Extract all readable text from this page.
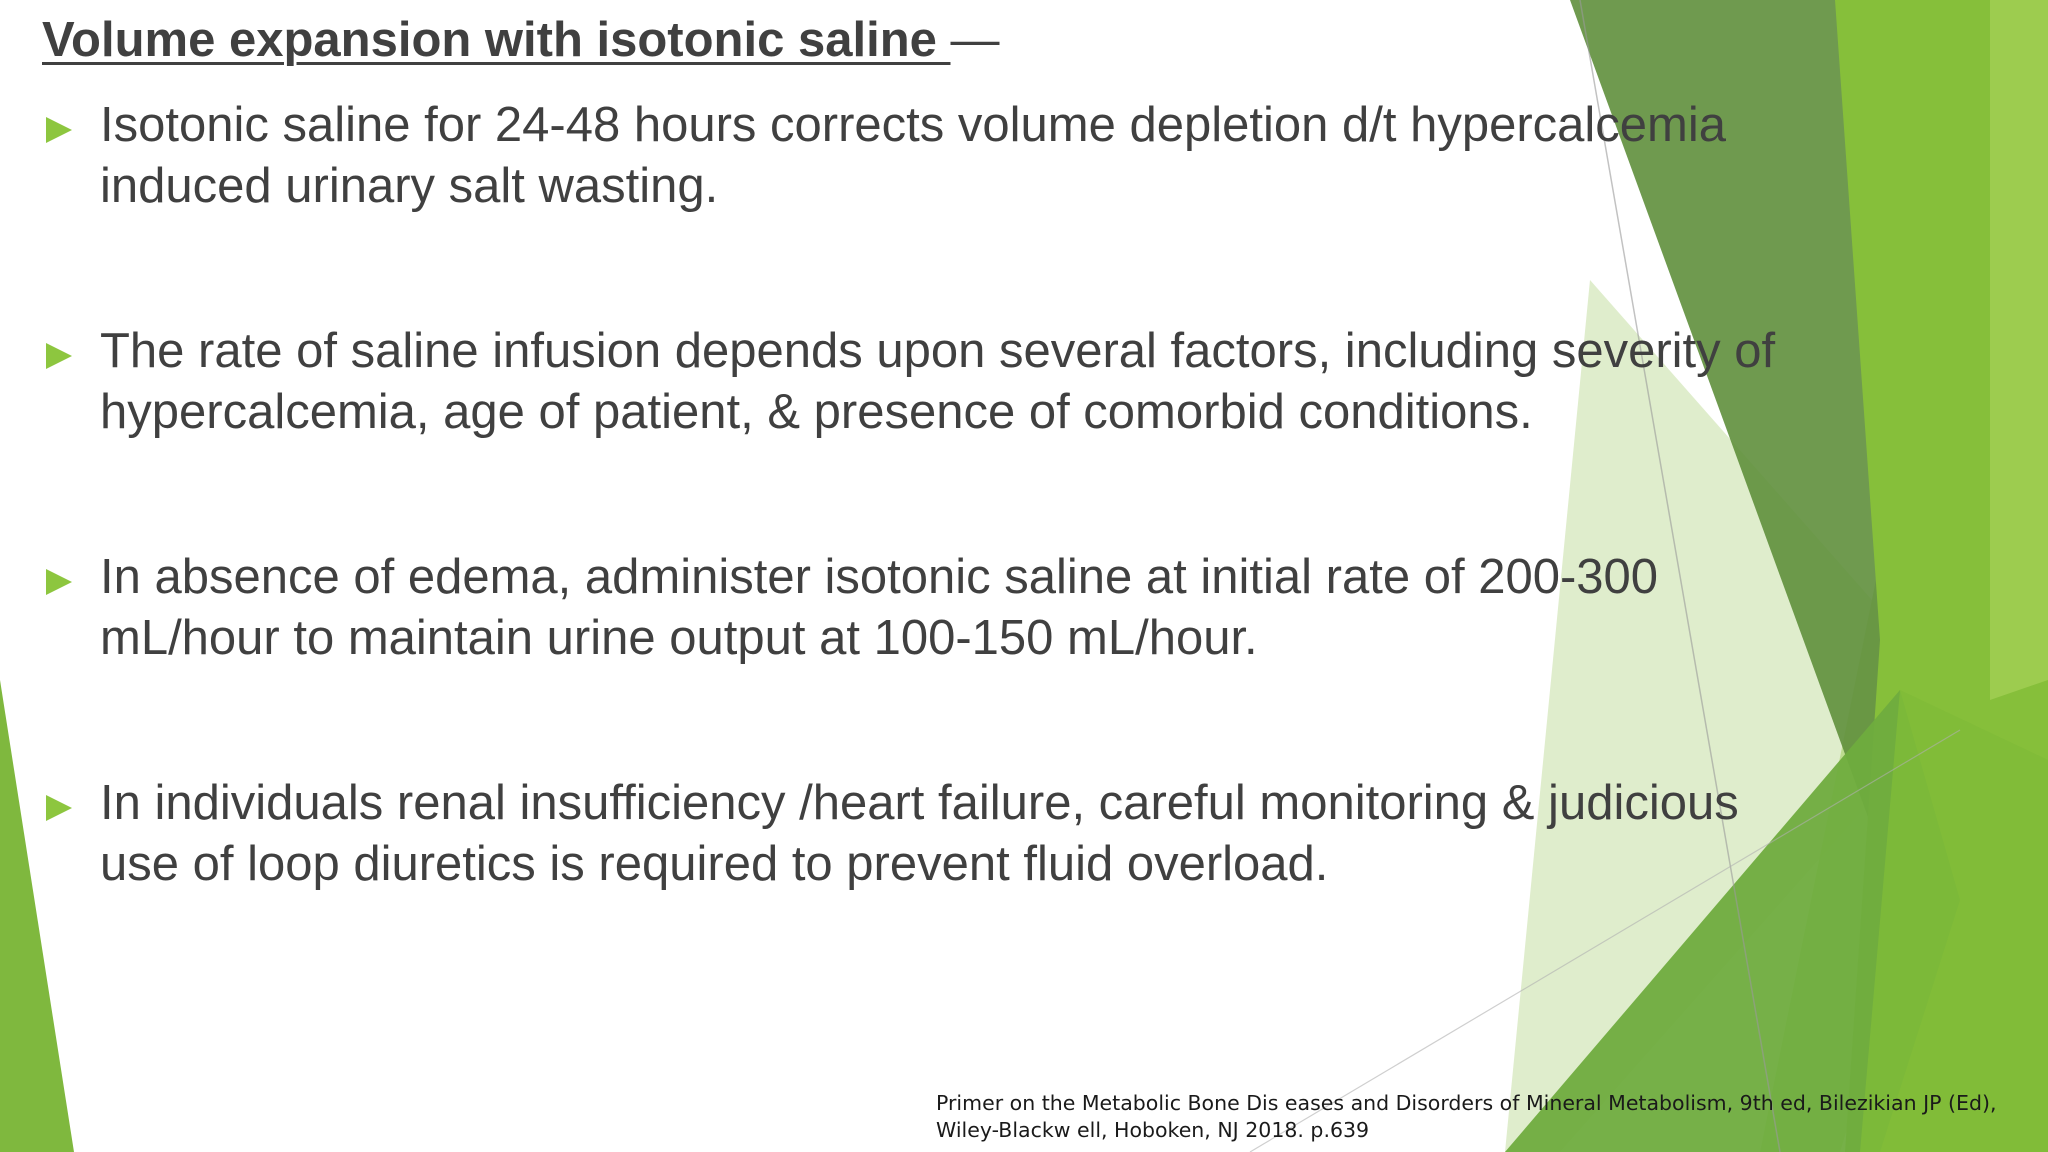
Volume expansion with isotonic saline —
Isotonic saline for 24-48 hours corrects volume depletion d/t hypercalcemia
induced urinary salt wasting.
The rate of saline infusion depends upon several factors, including severity of
hypercalcemia, age of patient, & presence of comorbid conditions.
In absence of edema, administer isotonic saline at initial rate of 200-300
mL/hour to maintain urine output at 100-150 mL/hour.
In individuals renal insufficiency /heart failure, careful monitoring & judicious
use of loop diuretics is required to prevent fluid overload.
Primer on the Metabolic Bone Dis eases and Disorders of Mineral Metabolism, 9th ed, Bilezikian JP (Ed),
Wiley-Blackw ell, Hoboken, NJ 2018. p.639
